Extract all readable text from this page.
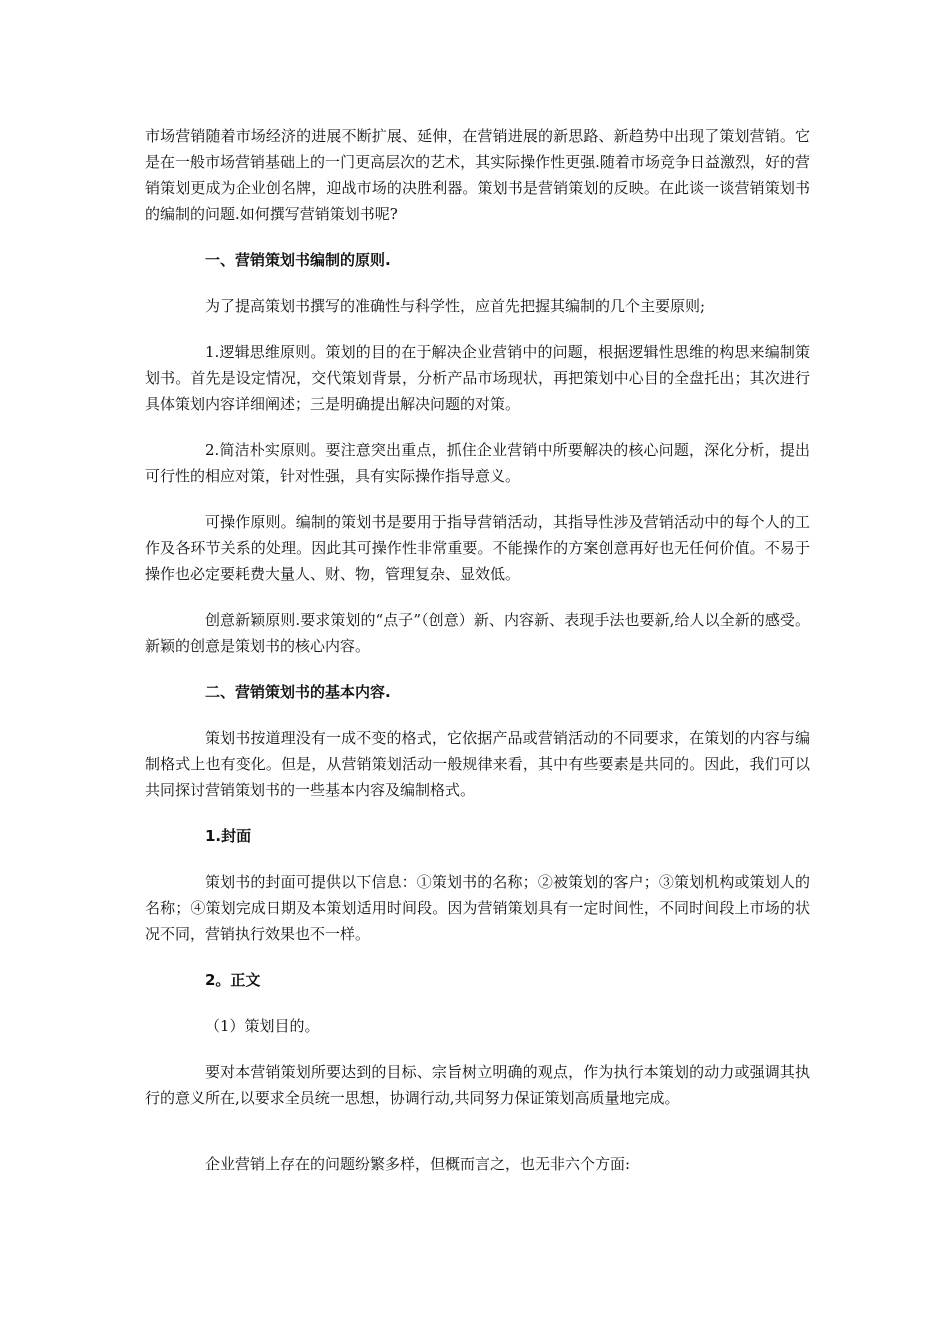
市场营销随着市场经济的进展不断扩展、延伸，在营销进展的新思路、新趋势中出现了策划营销。它是在一般市场营销基础上的一门更高层次的艺术，其实际操作性更强.随着市场竞争日益激烈，好的营销策划更成为企业创名牌，迎战市场的决胜利器。策划书是营销策划的反映。在此谈一谈营销策划书的编制的问题.如何撰写营销策划书呢?

一、营销策划书编制的原则.

为了提高策划书撰写的准确性与科学性，应首先把握其编制的几个主要原则;

1.逻辑思维原则。策划的目的在于解决企业营销中的问题，根据逻辑性思维的构思来编制策划书。首先是设定情况，交代策划背景，分析产品市场现状，再把策划中心目的全盘托出；其次进行具体策划内容详细阐述；三是明确提出解决问题的对策。

2.简洁朴实原则。要注意突出重点，抓住企业营销中所要解决的核心问题，深化分析，提出可行性的相应对策，针对性强，具有实际操作指导意义。

可操作原则。编制的策划书是要用于指导营销活动，其指导性涉及营销活动中的每个人的工作及各环节关系的处理。因此其可操作性非常重要。不能操作的方案创意再好也无任何价值。不易于操作也必定要耗费大量人、财、物，管理复杂、显效低。

创意新颖原则.要求策划的“点子”（创意）新、内容新、表现手法也要新,给人以全新的感受。新颖的创意是策划书的核心内容。

二、营销策划书的基本内容.

策划书按道理没有一成不变的格式，它依据产品或营销活动的不同要求，在策划的内容与编制格式上也有变化。但是，从营销策划活动一般规律来看，其中有些要素是共同的。因此，我们可以共同探讨营销策划书的一些基本内容及编制格式。

1.封面

策划书的封面可提供以下信息：①策划书的名称；②被策划的客户；③策划机构或策划人的名称；④策划完成日期及本策划适用时间段。因为营销策划具有一定时间性，不同时间段上市场的状况不同，营销执行效果也不一样。

2。正文

（1）策划目的。

要对本营销策划所要达到的目标、宗旨树立明确的观点，作为执行本策划的动力或强调其执行的意义所在,以要求全员统一思想，协调行动,共同努力保证策划高质量地完成。

企业营销上存在的问题纷繁多样，但概而言之，也无非六个方面:
